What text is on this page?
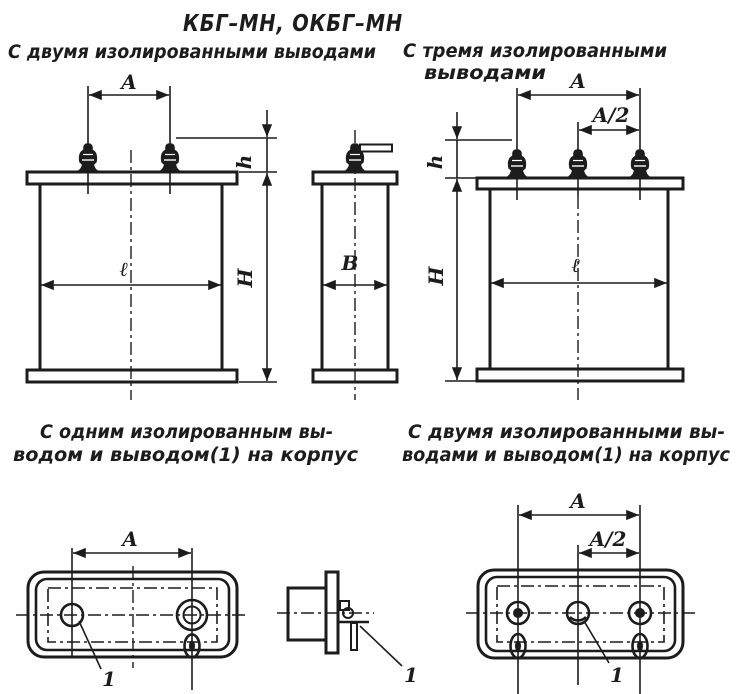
КБГ–МН, ОКБГ–МН
С двумя изолированными выводами С тремя изолированными
выводами
A
h
H
ℓ	В
A
A/2
h
H	ℓ
С одним изолированным вы-
водом и выводом(1) на корпус
С двумя изолированными вы-
водами и выводом(1) на корпус
A
1	1
A
A/2
1
